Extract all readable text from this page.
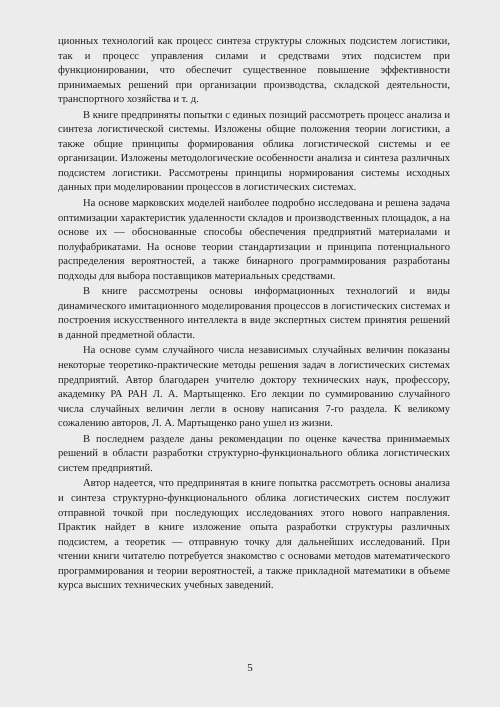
ционных технологий как процесс синтеза структуры сложных подсистем логистики, так и процесс управления силами и средствами этих подсистем при функционировании, что обеспечит существенное повышение эффективности принимаемых решений при организации производства, складской деятельности, транспортного хозяйства и т. д.

В книге предприняты попытки с единых позиций рассмотреть процесс анализа и синтеза логистической системы. Изложены общие положения теории логистики, а также общие принципы формирования облика логистической системы и ее организации. Изложены методологические особенности анализа и синтеза различных подсистем логистики. Рассмотрены принципы нормирования системы исходных данных при моделировании процессов в логистических системах.

На основе марковских моделей наиболее подробно исследована и решена задача оптимизации характеристик удаленности складов и производственных площадок, а на основе их — обоснованные способы обеспечения предприятий материалами и полуфабрикатами. На основе теории стандартизации и принципа потенциального распределения вероятностей, а также бинарного программирования разработаны подходы для выбора поставщиков материальных средствами.

В книге рассмотрены основы информационных технологий и виды динамического имитационного моделирования процессов в логистических системах и построения искусственного интеллекта в виде экспертных систем принятия решений в данной предметной области.

На основе сумм случайного числа независимых случайных величин показаны некоторые теоретико-практические методы решения задач в логистических системах предприятий. Автор благодарен учителю доктору технических наук, профессору, академику РА РАН Л. А. Мартыщенко. Его лекции по суммированию случайного числа случайных величин легли в основу написания 7-го раздела. К великому сожалению авторов, Л. А. Мартыщенко рано ушел из жизни.

В последнем разделе даны рекомендации по оценке качества принимаемых решений в области разработки структурно-функционального облика логистических систем предприятий.

Автор надеется, что предпринятая в книге попытка рассмотреть основы анализа и синтеза структурно-функционального облика логистических систем послужит отправной точкой при последующих исследованиях этого нового направления. Практик найдет в книге изложение опыта разработки структуры различных подсистем, а теоретик — отправную точку для дальнейших исследований. При чтении книги читателю потребуется знакомство с основами методов математического программирования и теории вероятностей, а также прикладной математики в объеме курса высших технических учебных заведений.

5
